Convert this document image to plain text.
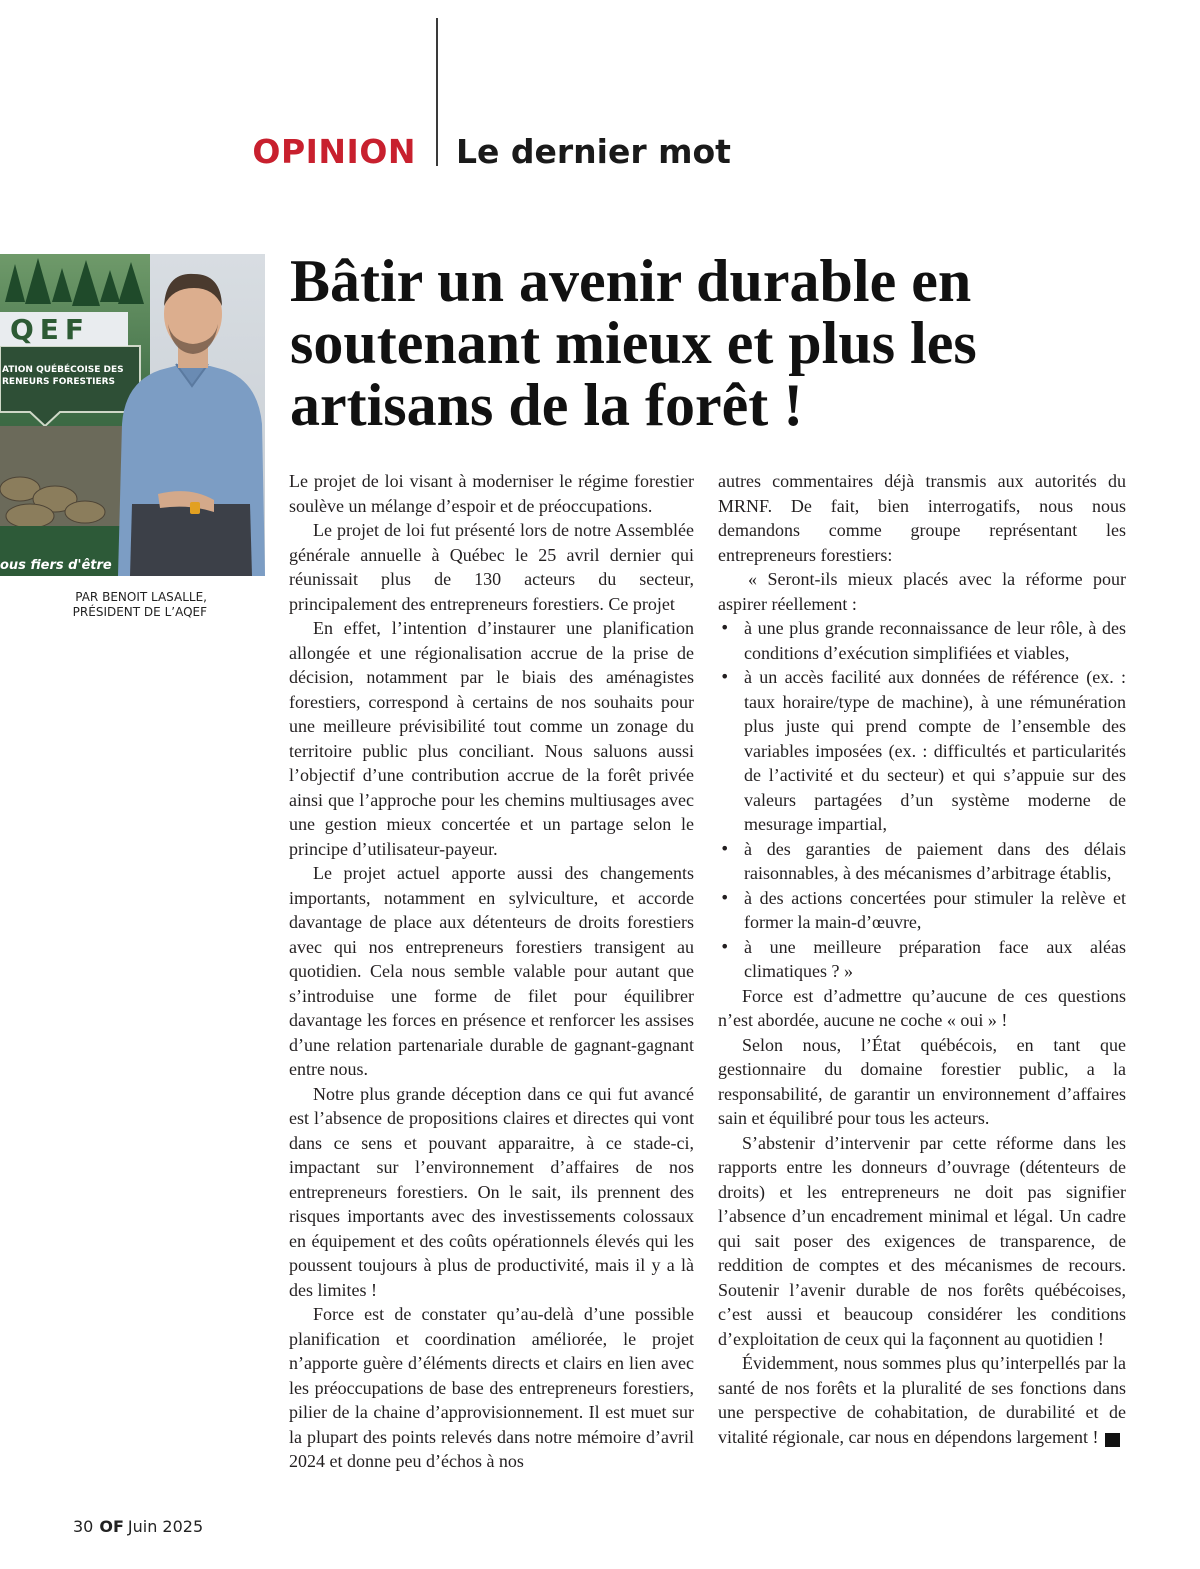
OPINION Le dernier mot
Bâtir un avenir durable en soutenant mieux et plus les artisans de la forêt !
QEF
ATION QUÉBÉCOISE DES
RENEURS FORESTIERS
ous fiers d'être
PAR BENOIT LASALLE,
PRÉSIDENT DE L’AQEF

Le projet de loi visant à moderniser le régime forestier soulève un mélange d’espoir et de préoccupations.

Le projet de loi fut présenté lors de notre Assemblée générale annuelle à Québec le 25 avril dernier qui réunissait plus de 130 acteurs du secteur, principalement des entrepreneurs forestiers. Ce projet

En effet, l’intention d’instaurer une planification allongée et une régionalisation accrue de la prise de décision, notamment par le biais des aménagistes forestiers, correspond à certains de nos souhaits pour une meilleure prévisibilité tout comme un zonage du territoire public plus conciliant. Nous saluons aussi l’objectif d’une contribution accrue de la forêt privée ainsi que l’approche pour les chemins multiusages avec une gestion mieux concertée et un partage selon le principe d’utilisateur-payeur.

Le projet actuel apporte aussi des changements importants, notamment en sylviculture, et accorde davantage de place aux détenteurs de droits forestiers avec qui nos entrepreneurs forestiers transigent au quotidien. Cela nous semble valable pour autant que s’introduise une forme de filet pour équilibrer davantage les forces en présence et renforcer les assises d’une relation partenariale durable de gagnant-gagnant entre nous.

Notre plus grande déception dans ce qui fut avancé est l’absence de propositions claires et directes qui vont dans ce sens et pouvant apparaitre, à ce stade-ci, impactant sur l’environnement d’affaires de nos entrepreneurs forestiers. On le sait, ils prennent des risques importants avec des investissements colossaux en équipement et des coûts opérationnels élevés qui les poussent toujours à plus de productivité, mais il y a là des limites !

Force est de constater qu’au-delà d’une possible planification et coordination améliorée, le projet n’apporte guère d’éléments directs et clairs en lien avec les préoccupations de base des entrepreneurs forestiers, pilier de la chaine d’approvisionnement. Il est muet sur la plupart des points relevés dans notre mémoire d’avril 2024 et donne peu d’échos à nos

autres commentaires déjà transmis aux autorités du MRNF. De fait, bien interrogatifs, nous nous demandons comme groupe représentant les entrepreneurs forestiers:

« Seront-ils mieux placés avec la réforme pour aspirer réellement :

• à une plus grande reconnaissance de leur rôle, à des conditions d’exécution simplifiées et viables,
• à un accès facilité aux données de référence (ex. : taux horaire/type de machine), à une rémunération plus juste qui prend compte de l’ensemble des variables imposées (ex. : difficultés et particularités de l’activité et du secteur) et qui s’appuie sur des valeurs partagées d’un système moderne de mesurage impartial,
• à des garanties de paiement dans des délais raisonnables, à des mécanismes d’arbitrage établis,
• à des actions concertées pour stimuler la relève et former la main-d’œuvre,
• à une meilleure préparation face aux aléas climatiques ? »

Force est d’admettre qu’aucune de ces questions n’est abordée, aucune ne coche « oui » !

Selon nous, l’État québécois, en tant que gestionnaire du domaine forestier public, a la responsabilité, de garantir un environnement d’affaires sain et équilibré pour tous les acteurs.

S’abstenir d’intervenir par cette réforme dans les rapports entre les donneurs d’ouvrage (détenteurs de droits) et les entrepreneurs ne doit pas signifier l’absence d’un encadrement minimal et légal. Un cadre qui sait poser des exigences de transparence, de reddition de comptes et des mécanismes de recours. Soutenir l’avenir durable de nos forêts québécoises, c’est aussi et beaucoup considérer les conditions d’exploitation de ceux qui la façonnent au quotidien !

Évidemment, nous sommes plus qu’interpellés par la santé de nos forêts et la pluralité de ses fonctions dans une perspective de cohabitation, de durabilité et de vitalité régionale, car nous en dépendons largement !	OF

30 OF Juin 2025
